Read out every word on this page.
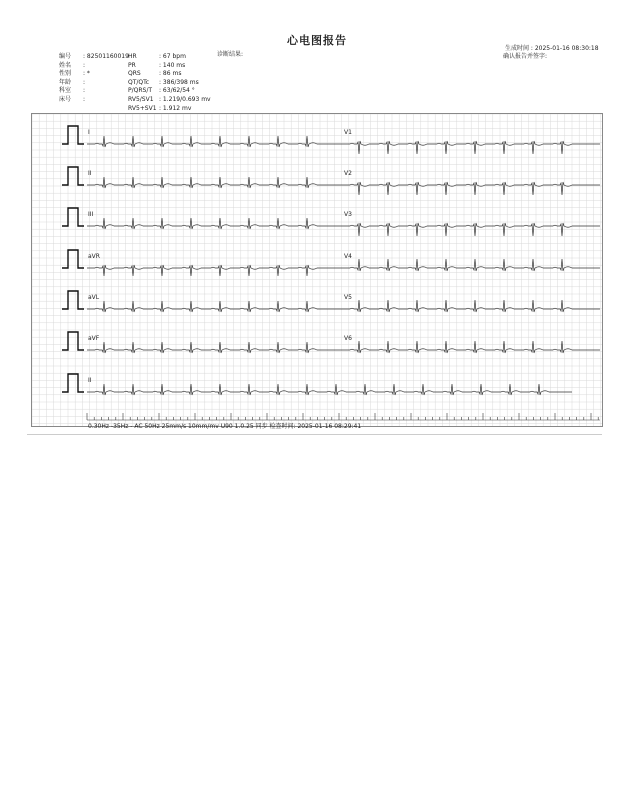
心电图报告
编号	: 82501160019
姓名	:
性别	: *
年龄	:
科室	:
床号	:
HR	: 67 bpm
PR	: 140 ms
QRS	: 86 ms
QT/QTc	: 386/398 ms
P/QRS/T	: 63/62/54 °
RV5/SV1 : 1.219/0.693 mv
RV5+SV1 : 1.912 mv
诊断结果:
生成时间 : 2025-01-16 08:30:18
确认报告并签字:
I	V1
II	V2
III	V3
aVR	V4
aVL	V5
aVF	V6
II
0.30Hz -35Hz - AC 50Hz 25mm/s 10mm/mv U90 1.0.25 同步 检查时间: 2025-01-16 08:29:41
